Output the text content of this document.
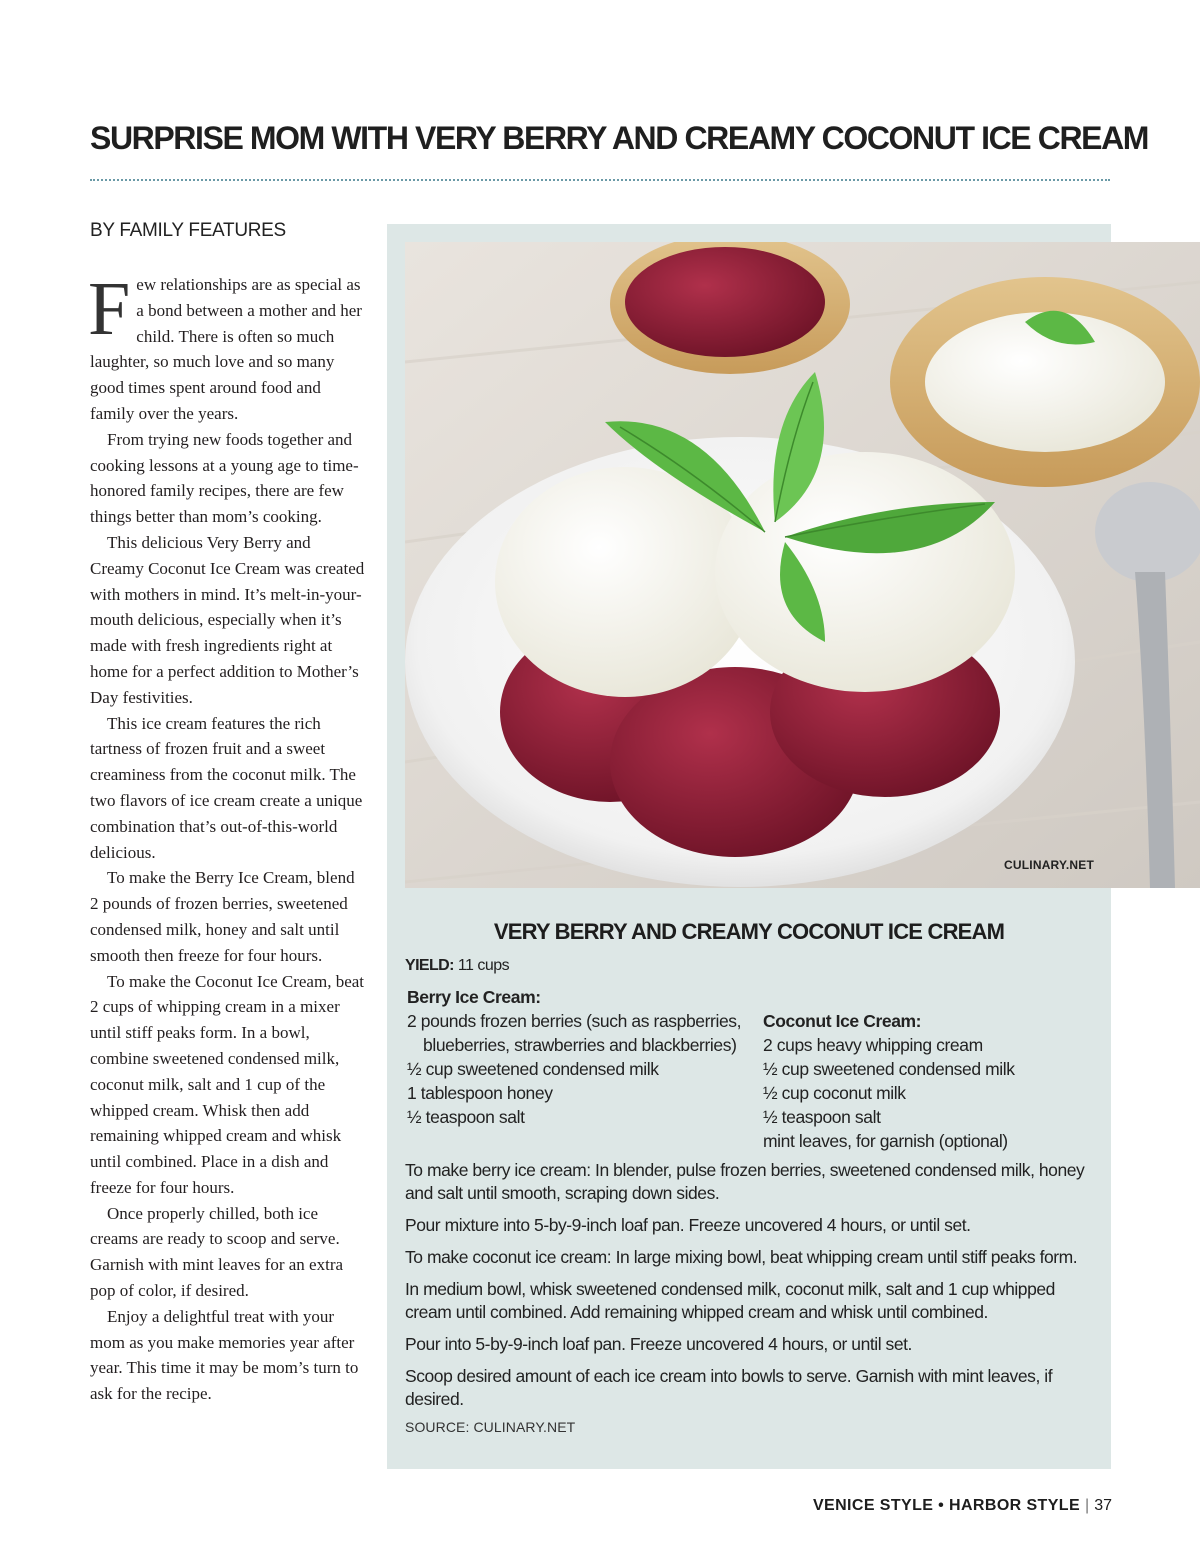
SURPRISE MOM WITH VERY BERRY AND CREAMY COCONUT ICE CREAM
BY FAMILY FEATURES

Few relationships are as special as a bond between a mother and her child. There is often so much laughter, so much love and so many good times spent around food and family over the years.

From trying new foods together and cooking lessons at a young age to time-honored family recipes, there are few things better than mom’s cooking.

This delicious Very Berry and Creamy Coconut Ice Cream was created with mothers in mind. It’s melt-in-your-mouth delicious, especially when it’s made with fresh ingredients right at home for a perfect addition to Mother’s Day festivities.

This ice cream features the rich tartness of frozen fruit and a sweet creaminess from the coconut milk. The two flavors of ice cream create a unique combination that’s out-of-this-world delicious.

To make the Berry Ice Cream, blend 2 pounds of frozen berries, sweetened condensed milk, honey and salt until smooth then freeze for four hours.

To make the Coconut Ice Cream, beat 2 cups of whipping cream in a mixer until stiff peaks form. In a bowl, combine sweetened condensed milk, coconut milk, salt and 1 cup of the whipped cream. Whisk then add remaining whipped cream and whisk until combined. Place in a dish and freeze for four hours.

Once properly chilled, both ice creams are ready to scoop and serve. Garnish with mint leaves for an extra pop of color, if desired.

Enjoy a delightful treat with your mom as you make memories year after year. This time it may be mom’s turn to ask for the recipe.

CULINARY.NET
VERY BERRY AND CREAMY COCONUT ICE CREAM
YIELD: 11 cups
Berry Ice Cream:
2 pounds frozen berries (such as raspberries, blueberries, strawberries and blackberries)
½ cup sweetened condensed milk
1 tablespoon honey
½ teaspoon salt
Coconut Ice Cream:
2 cups heavy whipping cream
½ cup sweetened condensed milk
½ cup coconut milk
½ teaspoon salt
mint leaves, for garnish (optional)

To make berry ice cream: In blender, pulse frozen berries, sweetened condensed milk, honey and salt until smooth, scraping down sides.

Pour mixture into 5-by-9-inch loaf pan. Freeze uncovered 4 hours, or until set.

To make coconut ice cream: In large mixing bowl, beat whipping cream until stiff peaks form.

In medium bowl, whisk sweetened condensed milk, coconut milk, salt and 1 cup whipped cream until combined. Add remaining whipped cream and whisk until combined.

Pour into 5-by-9-inch loaf pan. Freeze uncovered 4 hours, or until set.

Scoop desired amount of each ice cream into bowls to serve. Garnish with mint leaves, if desired.

SOURCE: CULINARY.NET
VENICE STYLE • HARBOR STYLE | 37
